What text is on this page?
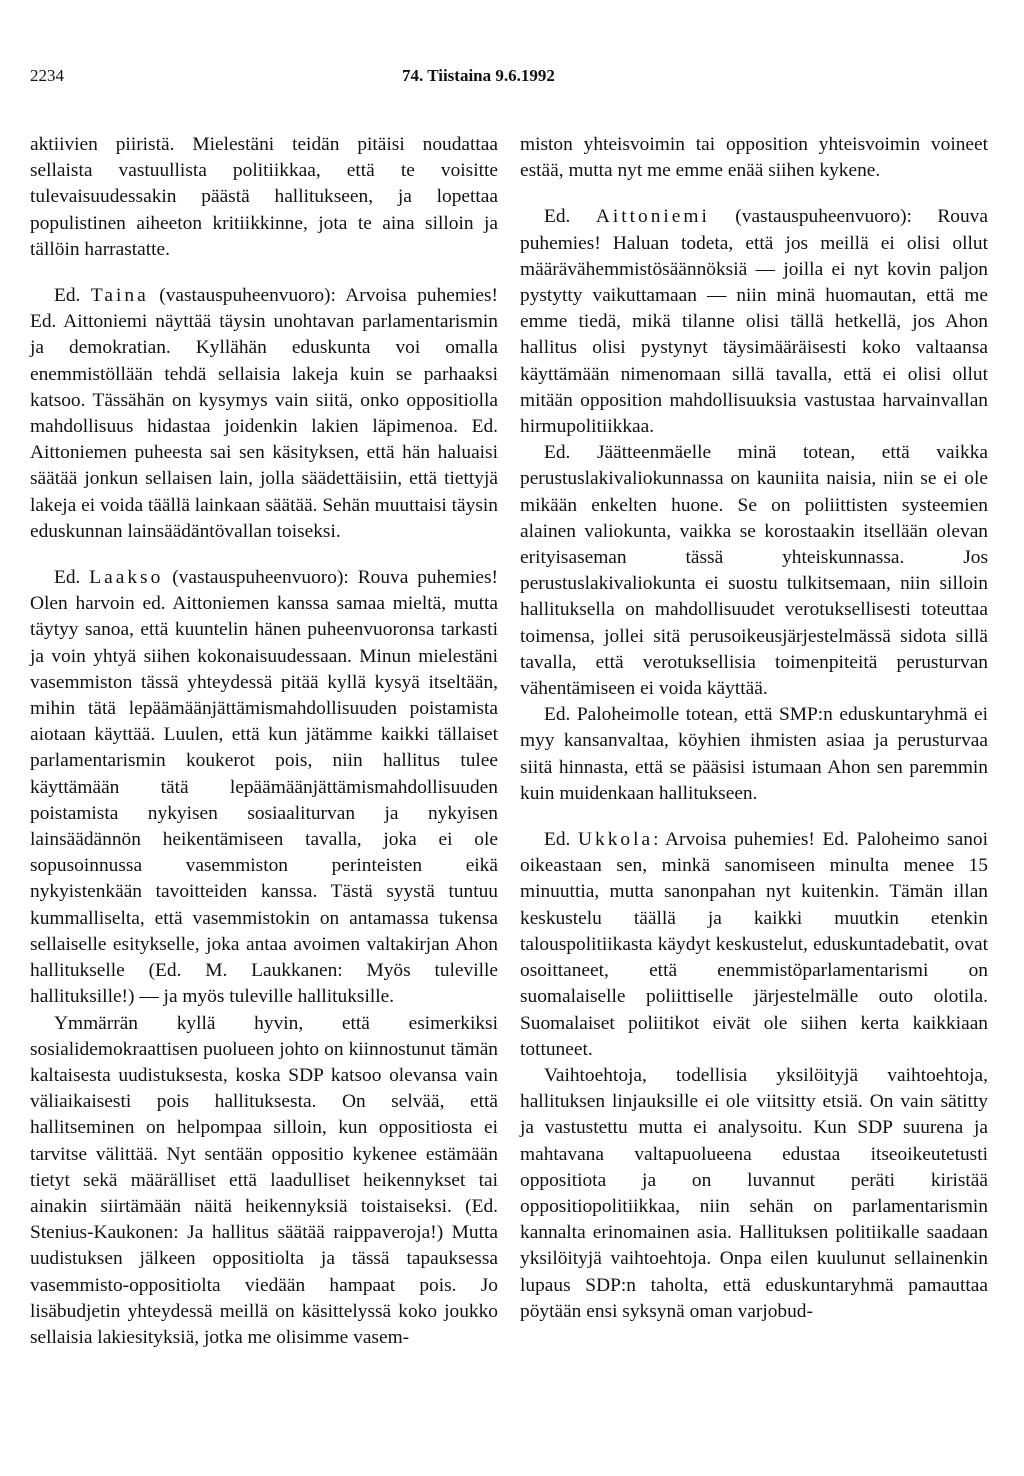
2234	74. Tiistaina 9.6.1992

aktiivien piiristä. Mielestäni teidän pitäisi noudattaa sellaista vastuullista politiikkaa, että te voisitte tulevaisuudessakin päästä hallitukseen, ja lopettaa populistinen aiheeton kritiikkinne, jota te aina silloin ja tällöin harrastatte.

Ed. Taina (vastauspuheenvuoro): Arvoisa puhemies! Ed. Aittoniemi näyttää täysin unohtavan parlamentarismin ja demokratian. Kyllähän eduskunta voi omalla enemmistöllään tehdä sellaisia lakeja kuin se parhaaksi katsoo. Tässähän on kysymys vain siitä, onko oppositiolla mahdollisuus hidastaa joidenkin lakien läpimenoa. Ed. Aittoniemen puheesta sai sen käsityksen, että hän haluaisi säätää jonkun sellaisen lain, jolla säädettäisiin, että tiettyjä lakeja ei voida täällä lainkaan säätää. Sehän muuttaisi täysin eduskunnan lainsäädäntövallan toiseksi.

Ed. Laakso (vastauspuheenvuoro): Rouva puhemies! Olen harvoin ed. Aittoniemen kanssa samaa mieltä, mutta täytyy sanoa, että kuuntelin hänen puheenvuoronsa tarkasti ja voin yhtyä siihen kokonaisuudessaan. Minun mielestäni vasemmiston tässä yhteydessä pitää kyllä kysyä itseltään, mihin tätä lepäämäänjättämismahdollisuuden poistamista aiotaan käyttää. Luulen, että kun jätämme kaikki tällaiset parlamentarismin koukerot pois, niin hallitus tulee käyttämään tätä lepäämäänjättämismahdollisuuden poistamista nykyisen sosiaaliturvan ja nykyisen lainsäädännön heikentämiseen tavalla, joka ei ole sopusoinnussa vasemmiston perinteisten eikä nykyistenkään tavoitteiden kanssa. Tästä syystä tuntuu kummalliselta, että vasemmistokin on antamassa tukensa sellaiselle esitykselle, joka antaa avoimen valtakirjan Ahon hallitukselle (Ed. M. Laukkanen: Myös tuleville hallituksille!) — ja myös tuleville hallituksille.

Ymmärrän kyllä hyvin, että esimerkiksi sosialidemokraattisen puolueen johto on kiinnostunut tämän kaltaisesta uudistuksesta, koska SDP katsoo olevansa vain väliaikaisesti pois hallituksesta. On selvää, että hallitseminen on helpompaa silloin, kun oppositiosta ei tarvitse välittää. Nyt sentään oppositio kykenee estämään tietyt sekä määrälliset että laadulliset heikennykset tai ainakin siirtämään näitä heikennyksiä toistaiseksi. (Ed. Stenius-Kaukonen: Ja hallitus säätää raippaveroja!) Mutta uudistuksen jälkeen oppositiolta ja tässä tapauksessa vasemmisto-oppositiolta viedään hampaat pois. Jo lisäbudjetin yhteydessä meillä on käsittelyssä koko joukko sellaisia lakiesityksiä, jotka me olisimme vasem-

miston yhteisvoimin tai opposition yhteisvoimin voineet estää, mutta nyt me emme enää siihen kykene.

Ed. Aittoniemi (vastauspuheenvuoro): Rouva puhemies! Haluan todeta, että jos meillä ei olisi ollut määrävähemmistösäännöksiä — joilla ei nyt kovin paljon pystytty vaikuttamaan — niin minä huomautan, että me emme tiedä, mikä tilanne olisi tällä hetkellä, jos Ahon hallitus olisi pystynyt täysimääräisesti koko valtaansa käyttämään nimenomaan sillä tavalla, että ei olisi ollut mitään opposition mahdollisuuksia vastustaa harvainvallan hirmupolitiikkaa.

Ed. Jäätteenmäelle minä totean, että vaikka perustuslakivaliokunnassa on kauniita naisia, niin se ei ole mikään enkelten huone. Se on poliittisten systeemien alainen valiokunta, vaikka se korostaakin itsellään olevan erityisaseman tässä yhteiskunnassa. Jos perustuslakivaliokunta ei suostu tulkitsemaan, niin silloin hallituksella on mahdollisuudet verotuksellisesti toteuttaa toimensa, jollei sitä perusoikeusjärjestelmässä sidota sillä tavalla, että verotuksellisia toimenpiteitä perusturvan vähentämiseen ei voida käyttää.

Ed. Paloheimolle totean, että SMP:n eduskuntaryhmä ei myy kansanvaltaa, köyhien ihmisten asiaa ja perusturvaa siitä hinnasta, että se pääsisi istumaan Ahon sen paremmin kuin muidenkaan hallitukseen.

Ed. Ukkola: Arvoisa puhemies! Ed. Paloheimo sanoi oikeastaan sen, minkä sanomiseen minulta menee 15 minuuttia, mutta sanonpahan nyt kuitenkin. Tämän illan keskustelu täällä ja kaikki muutkin etenkin talouspolitiikasta käydyt keskustelut, eduskuntadebatit, ovat osoittaneet, että enemmistöparlamentarismi on suomalaiselle poliittiselle järjestelmälle outo olotila. Suomalaiset poliitikot eivät ole siihen kerta kaikkiaan tottuneet.

Vaihtoehtoja, todellisia yksilöityjä vaihtoehtoja, hallituksen linjauksille ei ole viitsitty etsiä. On vain sätitty ja vastustettu mutta ei analysoitu. Kun SDP suurena ja mahtavana valtapuolueena edustaa itseoikeutetusti oppositiota ja on luvannut peräti kiristää oppositiopolitiikkaa, niin sehän on parlamentarismin kannalta erinomainen asia. Hallituksen politiikalle saadaan yksilöityjä vaihtoehtoja. Onpa eilen kuulunut sellainenkin lupaus SDP:n taholta, että eduskuntaryhmä pamauttaa pöytään ensi syksynä oman varjobud-
